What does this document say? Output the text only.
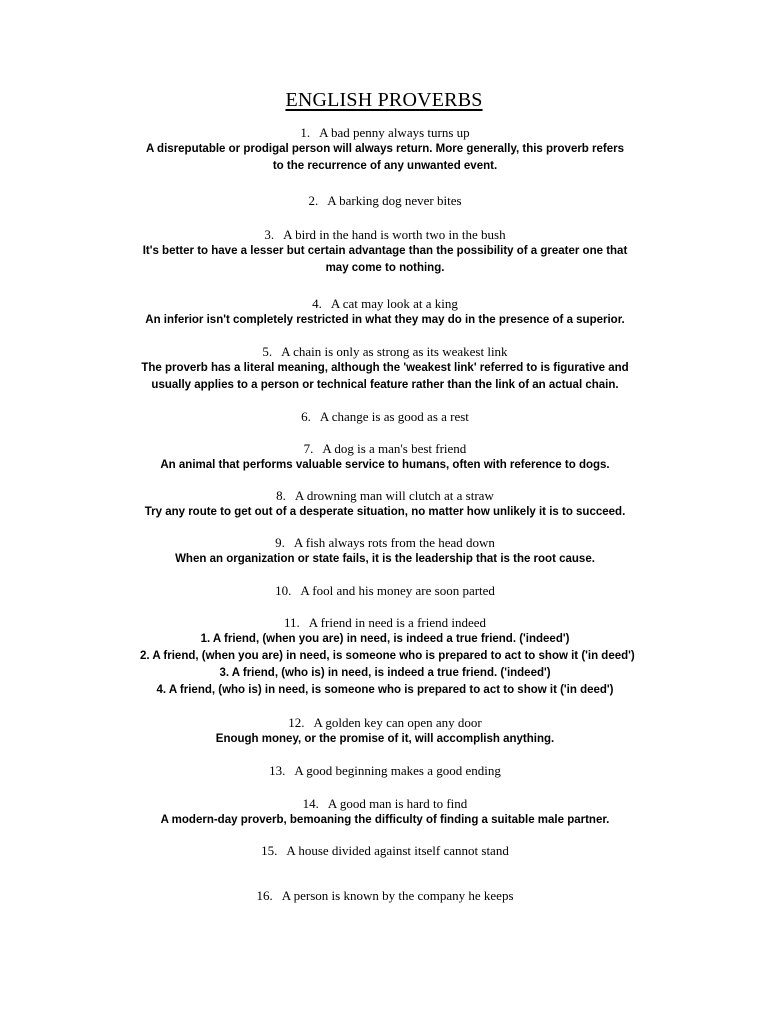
ENGLISH PROVERBS
1. A bad penny always turns up
A disreputable or prodigal person will always return. More generally, this proverb refers to the recurrence of any unwanted event.
2. A barking dog never bites
3. A bird in the hand is worth two in the bush
It's better to have a lesser but certain advantage than the possibility of a greater one that may come to nothing.
4. A cat may look at a king
An inferior isn't completely restricted in what they may do in the presence of a superior.
5. A chain is only as strong as its weakest link
The proverb has a literal meaning, although the 'weakest link' referred to is figurative and usually applies to a person or technical feature rather than the link of an actual chain.
6. A change is as good as a rest
7. A dog is a man's best friend
An animal that performs valuable service to humans, often with reference to dogs.
8. A drowning man will clutch at a straw
Try any route to get out of a desperate situation, no matter how unlikely it is to succeed.
9. A fish always rots from the head down
When an organization or state fails, it is the leadership that is the root cause.
10. A fool and his money are soon parted
11. A friend in need is a friend indeed
1. A friend, (when you are) in need, is indeed a true friend. ('indeed')
2. A friend, (when you are) in need, is someone who is prepared to act to show it ('in deed')
3. A friend, (who is) in need, is indeed a true friend. ('indeed')
4. A friend, (who is) in need, is someone who is prepared to act to show it ('in deed')
12. A golden key can open any door
Enough money, or the promise of it, will accomplish anything.
13. A good beginning makes a good ending
14. A good man is hard to find
A modern-day proverb, bemoaning the difficulty of finding a suitable male partner.
15. A house divided against itself cannot stand
16. A person is known by the company he keeps
